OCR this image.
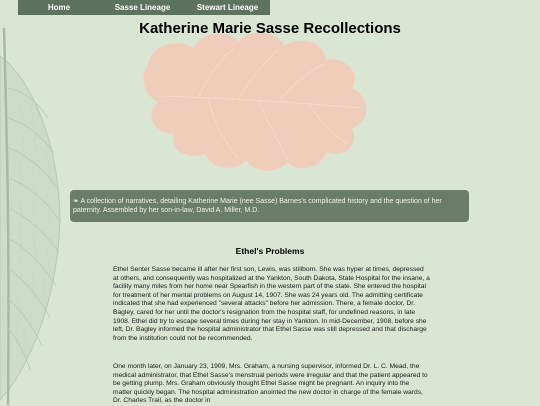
Home	Sasse Lineage	Stewart Lineage
Katherine Marie Sasse Recollections
❧ A collection of narratives, detailing Katherine Marie (nee Sasse) Barnes's complicated history and the question of her paternity. Assembled by her son-in-law, David A. Miller, M.D.
Ethel's Problems

Ethel Senter Sasse became ill after her first son, Lewis, was stillborn. She was hyper at times, depressed at others, and consequently was hospitalized at the Yankton, South Dakota, State Hospital for the insane, a facility many miles from her home near Spearfish in the western part of the state. She entered the hospital for treatment of her mental problems on August 14, 1907. She was 24 years old. The admitting certificate indicated that she had experienced "several attacks" before her admission. There, a female doctor, Dr. Bagley, cared for her until the doctor's resignation from the hospital staff, for undefined reasons, in late 1908. Ethel did try to escape several times during her stay in Yankton. In mid-December, 1908, before she left, Dr. Bagley informed the hospital administrator that Ethel Sasse was still depressed and that discharge from the institution could not be recommended.

One month later, on January 23, 1909, Mrs. Graham, a nursing supervisor, informed Dr. L. C. Mead, the medical administrator, that Ethel Sasse's menstrual periods were irregular and that the patient appeared to be getting plump. Mrs. Graham obviously thought Ethel Sasse might be pregnant. An inquiry into the matter quickly began. The hospital administration anointed the new doctor in charge of the female wards, Dr. Charles Trail, as the doctor in
